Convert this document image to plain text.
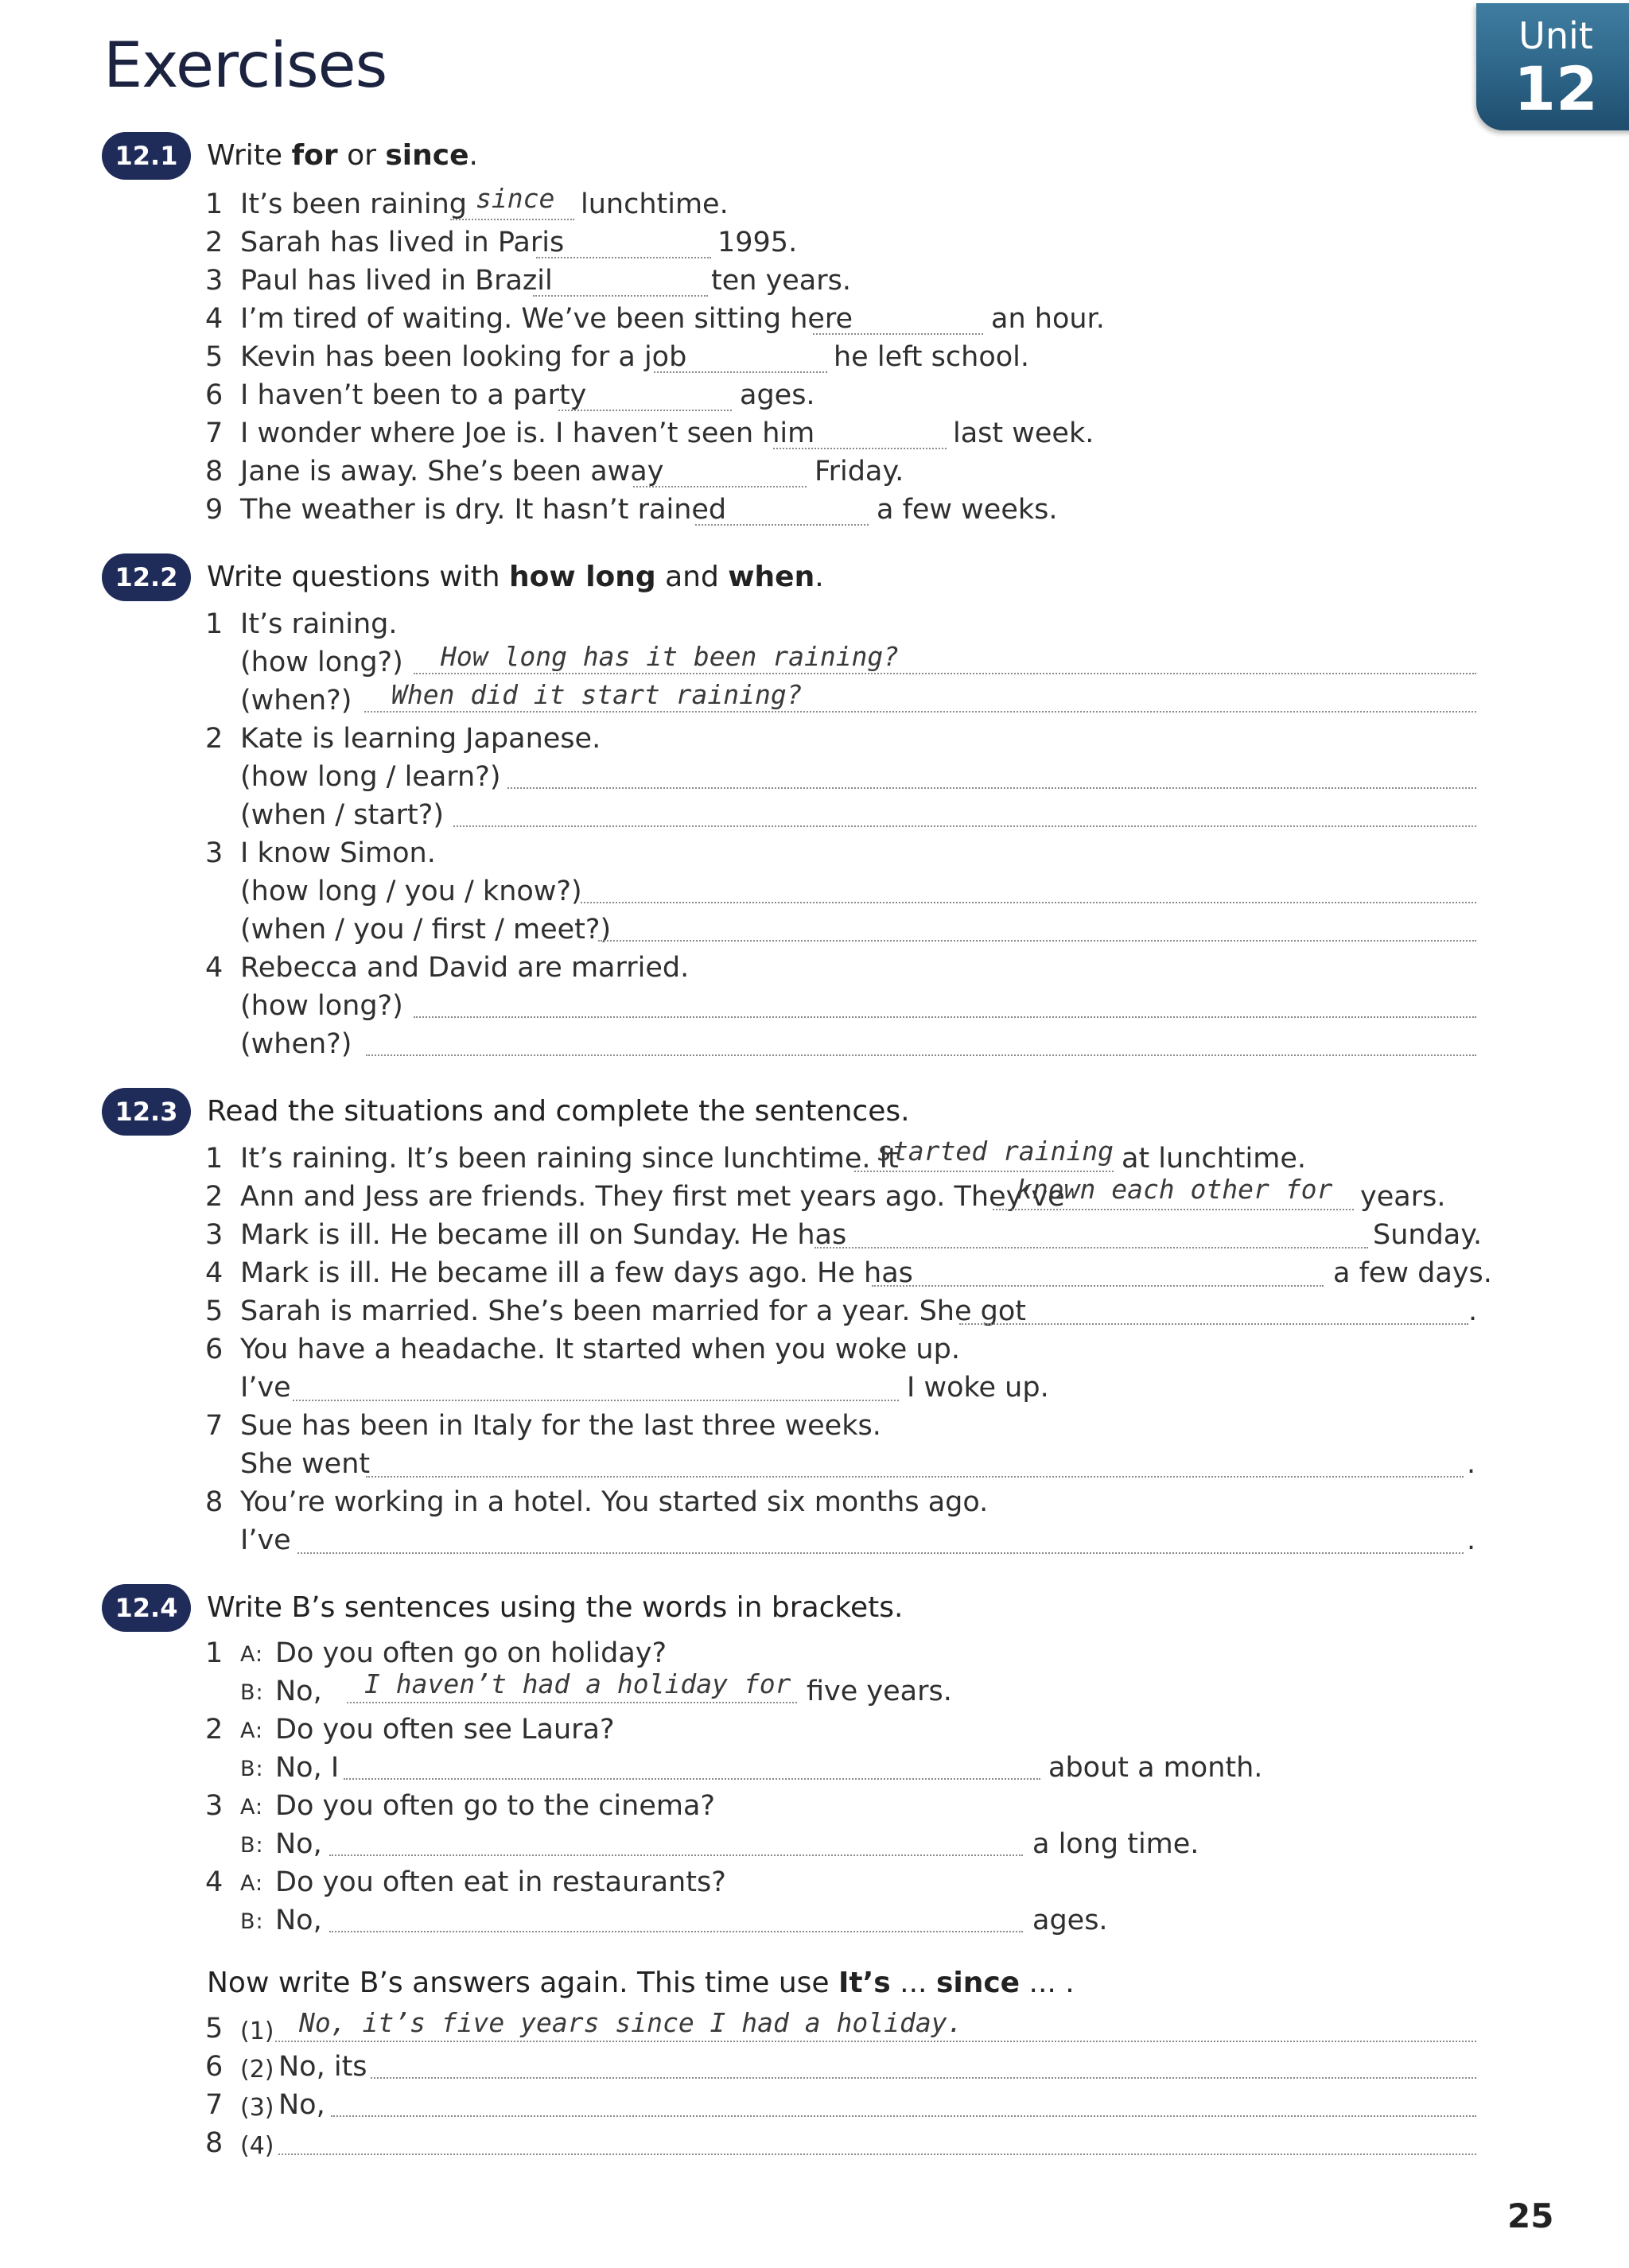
Exercises	Unit
12
12.1	Write for or since.
1 It’s been raining since lunchtime.
2 Sarah has lived in Paris	1995.
3 Paul has lived in Brazil	ten years.
4 I’m tired of waiting. We’ve been sitting here	an hour.
5 Kevin has been looking for a job	he left school.
6 I haven’t been to a party	ages.
7 I wonder where Joe is. I haven’t seen him	last week.
8 Jane is away. She’s been away	Friday.
9 The weather is dry. It hasn’t rained	a few weeks.
12.2	Write questions with how long and when.
1 It’s raining.
(how long?) How long has it been raining?
(when?) When did it start raining?
2 Kate is learning Japanese.
(how long / learn?)
(when / start?)
3 I know Simon.
(how long / you / know?)
(when / you / first / meet?)
4 Rebecca and David are married.
(how long?)
(when?)
12.3	Read the situations and complete the sentences.
1 It’s raining. It’s been raining since lunchtime. It
started raining at lunchtime.
2 Ann and Jess are friends. They first met years ago. They’ve
known each other for years.
3 Mark is ill. He became ill on Sunday. He has	Sunday.
4 Mark is ill. He became ill a few days ago. He has	a few days.
5 Sarah is married. She’s been married for a year. She got	.
6 You have a headache. It started when you woke up.
I’ve	I woke up.
7 Sue has been in Italy for the last three weeks.
She went	.
8 You’re working in a hotel. You started six months ago.
I’ve	.
12.4	Write B’s sentences using the words in brackets.
1 A: Do you often go on holiday?
B: No, I haven’t had a holiday for five years.
2 A: Do you often see Laura?
B: No, I	about a month.
3 A: Do you often go to the cinema?
B: No,	a long time.
4 A: Do you often eat in restaurants?
B: No,	ages.
Now write B’s answers again. This time use It’s ... since ... .
5 (1) No, it’s five years since I had a holiday.
6 (2) No, its
7 (3) No,
8 (4)
25
